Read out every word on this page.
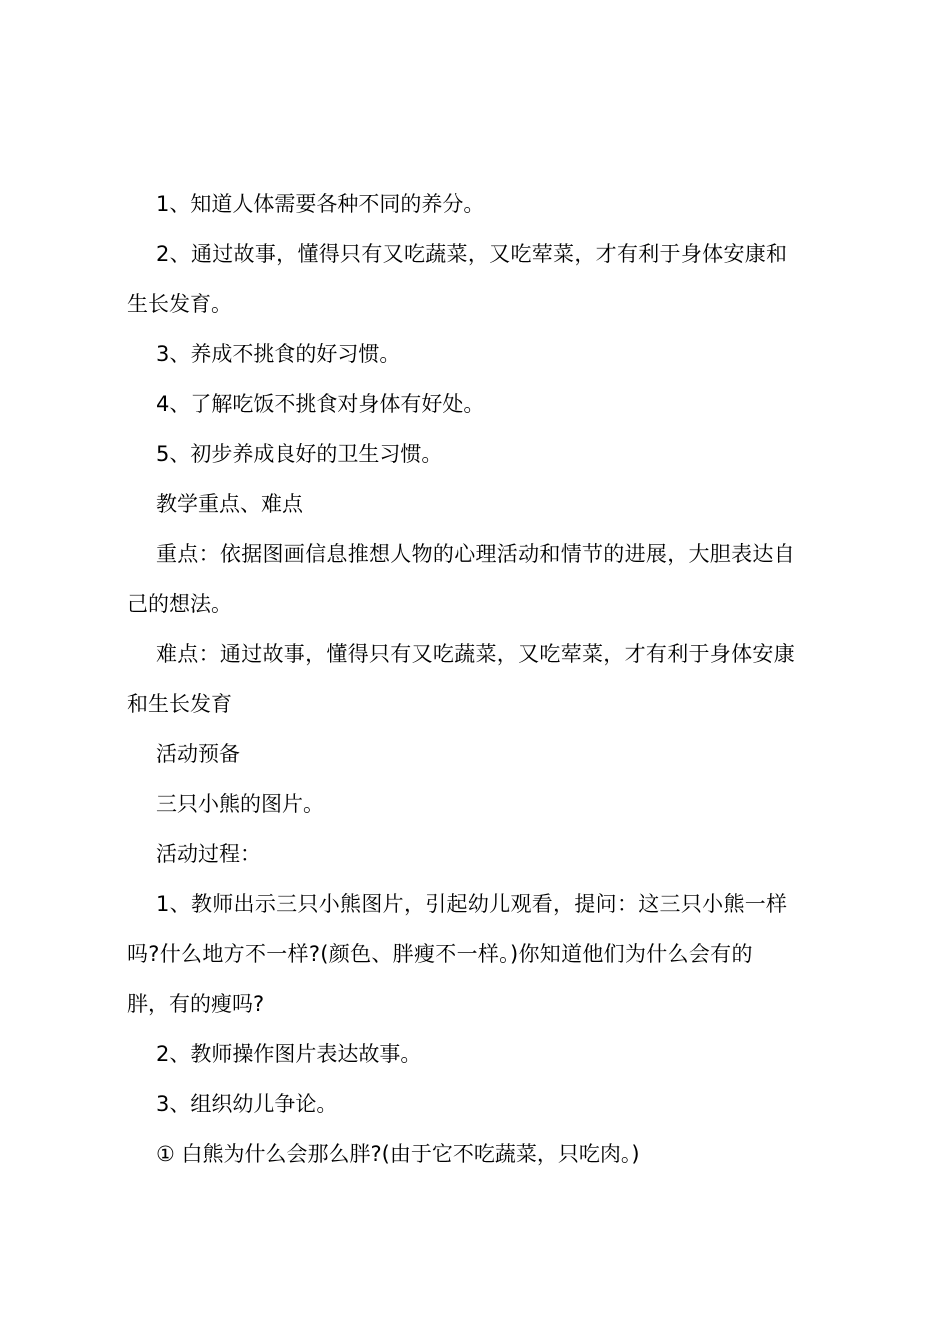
1、知道人体需要各种不同的养分。
2、通过故事，懂得只有又吃蔬菜，又吃荤菜，才有利于身体安康和
生长发育。
3、养成不挑食的好习惯。
4、了解吃饭不挑食对身体有好处。
5、初步养成良好的卫生习惯。
教学重点、难点
重点：依据图画信息推想人物的心理活动和情节的进展，大胆表达自
己的想法。
难点：通过故事，懂得只有又吃蔬菜，又吃荤菜，才有利于身体安康
和生长发育
活动预备
三只小熊的图片。
活动过程：
1、教师出示三只小熊图片，引起幼儿观看，提问：这三只小熊一样
吗?什么地方不一样?(颜色、胖瘦不一样。)你知道他们为什么会有的
胖，有的瘦吗?
2、教师操作图片表达故事。
3、组织幼儿争论。
① 白熊为什么会那么胖?(由于它不吃蔬菜，只吃肉。)
